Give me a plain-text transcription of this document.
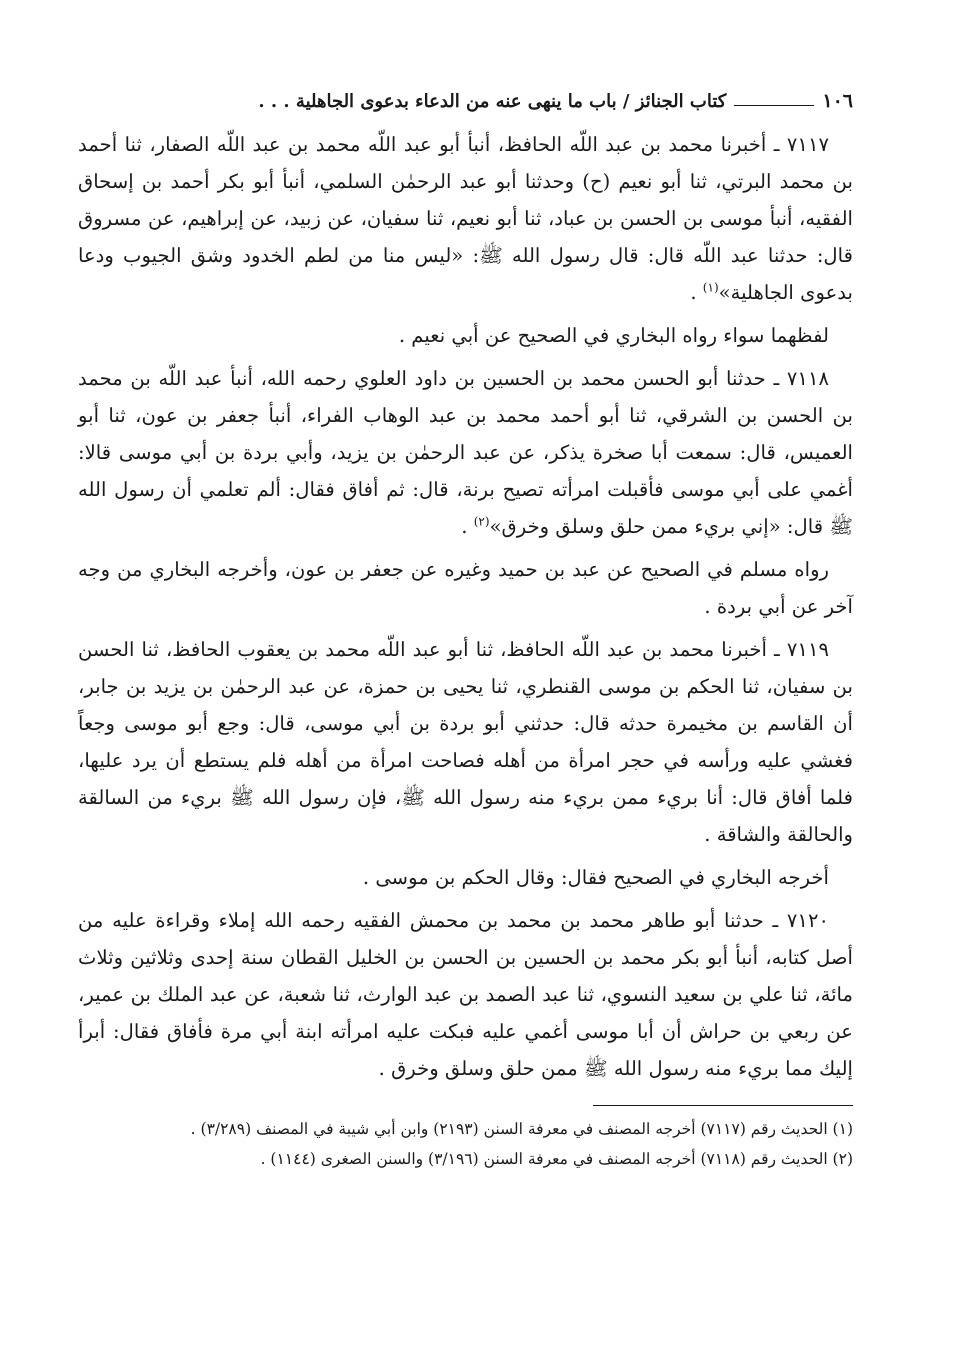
١٠٦
كتاب الجنائز / باب ما ينهى عنه من الدعاء بدعوى الجاهلية . . .

٧١١٧ ـ أخبرنا محمد بن عبد اللّه الحافظ، أنبأ أبو عبد اللّه محمد بن عبد اللّه الصفار، ثنا أحمد بن محمد البرتي، ثنا أبو نعيم (ح) وحدثنا أبو عبد الرحمٰن السلمي، أنبأ أبو بكر أحمد بن إسحاق الفقيه، أنبأ موسى بن الحسن بن عباد، ثنا أبو نعيم، ثنا سفيان، عن زبيد، عن إبراهيم، عن مسروق قال: حدثنا عبد اللّه قال: قال رسول الله ﷺ: «ليس منا من لطم الخدود وشق الجيوب ودعا بدعوى الجاهلية»$^{(١)}$ .

لفظهما سواء رواه البخاري في الصحيح عن أبي نعيم .

٧١١٨ ـ حدثنا أبو الحسن محمد بن الحسين بن داود العلوي رحمه الله، أنبأ عبد اللّه بن محمد بن الحسن بن الشرقي، ثنا أبو أحمد محمد بن عبد الوهاب الفراء، أنبأ جعفر بن عون، ثنا أبو العميس، قال: سمعت أبا صخرة يذكر، عن عبد الرحمٰن بن يزيد، وأبي بردة بن أبي موسى قالا: أغمي على أبي موسى فأقبلت امرأته تصيح برنة، قال: ثم أفاق فقال: ألم تعلمي أن رسول الله ﷺ قال: «إني بريء ممن حلق وسلق وخرق»$^{(٢)}$ .

رواه مسلم في الصحيح عن عبد بن حميد وغيره عن جعفر بن عون، وأخرجه البخاري من وجه آخر عن أبي بردة .

٧١١٩ ـ أخبرنا محمد بن عبد اللّه الحافظ، ثنا أبو عبد اللّه محمد بن يعقوب الحافظ، ثنا الحسن بن سفيان، ثنا الحكم بن موسى القنطري، ثنا يحيى بن حمزة، عن عبد الرحمٰن بن يزيد بن جابر، أن القاسم بن مخيمرة حدثه قال: حدثني أبو بردة بن أبي موسى، قال: وجع أبو موسى وجعاً فغشي عليه ورأسه في حجر امرأة من أهله فصاحت امرأة من أهله فلم يستطع أن يرد عليها، فلما أفاق قال: أنا بريء ممن بريء منه رسول الله ﷺ، فإن رسول الله ﷺ بريء من السالقة والحالقة والشاقة .

أخرجه البخاري في الصحيح فقال: وقال الحكم بن موسى .

٧١٢٠ ـ حدثنا أبو طاهر محمد بن محمد بن محمش الفقيه رحمه الله إملاء وقراءة عليه من أصل كتابه، أنبأ أبو بكر محمد بن الحسين بن الحسن بن الخليل القطان سنة إحدى وثلاثين وثلاث مائة، ثنا علي بن سعيد النسوي، ثنا عبد الصمد بن عبد الوارث، ثنا شعبة، عن عبد الملك بن عمير، عن ربعي بن حراش أن أبا موسى أغمي عليه فبكت عليه امرأته ابنة أبي مرة فأفاق فقال: أبرأ إليك مما بريء منه رسول الله ﷺ ممن حلق وسلق وخرق .

(١) الحديث رقم (٧١١٧) أخرجه المصنف في معرفة السنن (٢١٩٣) وابن أبي شيبة في المصنف (٣/٢٨٩) .

(٢) الحديث رقم (٧١١٨) أخرجه المصنف في معرفة السنن (٣/١٩٦) والسنن الصغرى (١١٤٤) .
